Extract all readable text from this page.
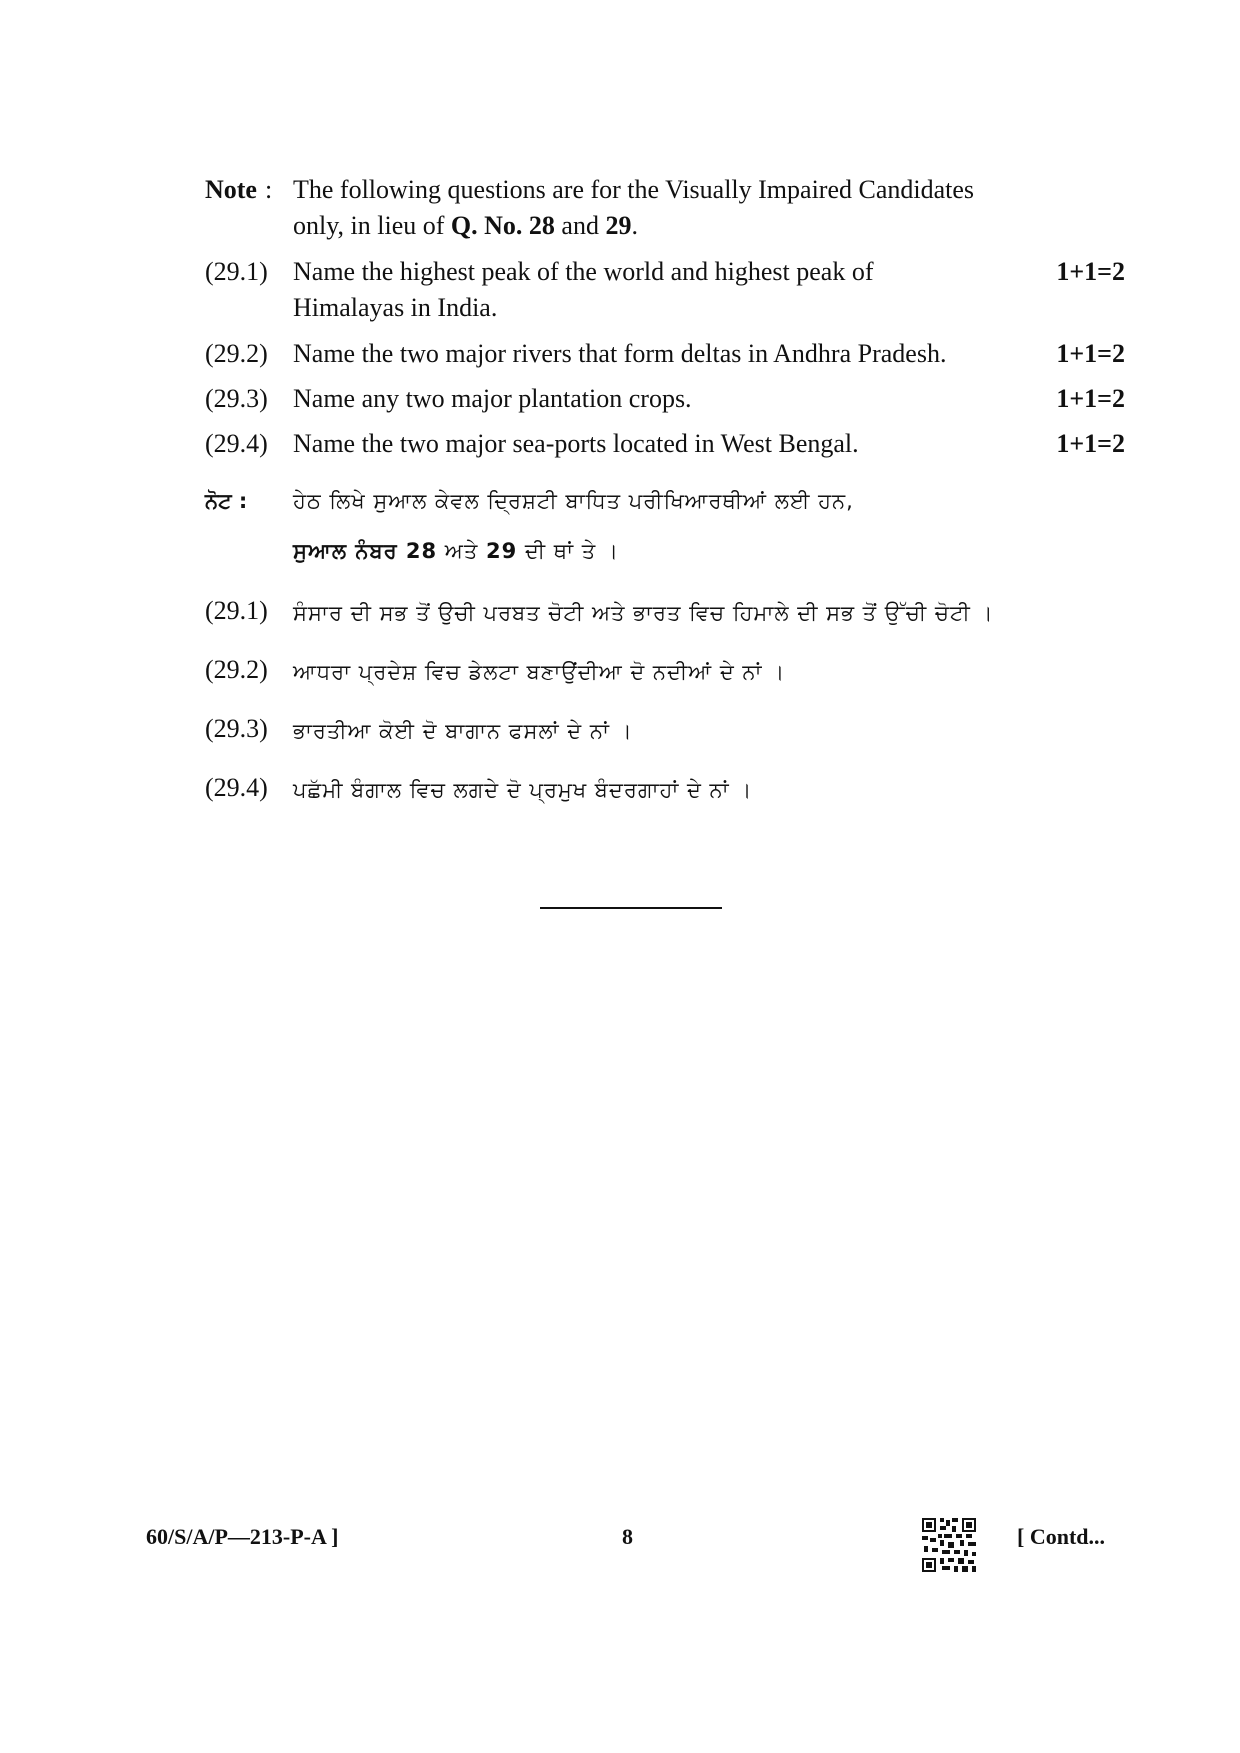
Note : The following questions are for the Visually Impaired Candidates
only, in lieu of Q. No. 28 and 29.
(29.1) Name the highest peak of the world and highest peak of
Himalayas in India.
1+1=2
(29.2) Name the two major rivers that form deltas in Andhra Pradesh.	1+1=2
(29.3) Name any two major plantation crops.	1+1=2
(29.4) Name the two major sea-ports located in West Bengal.	1+1=2
ਨੋਟ : ਹੇਠ ਲਿਖੇ ਸੁਆਲ ਕੇਵਲ ਦ੍ਰਿਸ਼ਟੀ ਬਾਧਿਤ ਪਰੀਖਿਆਰਥੀਆਂ ਲਈ ਹਨ,
ਸੁਆਲ ਨੰਬਰ 28 ਅਤੇ 29 ਦੀ ਥਾਂ ਤੇ ।
(29.1) ਸੰਸਾਰ ਦੀ ਸਭ ਤੋਂ ਉਚੀ ਪਰਬਤ ਚੋਟੀ ਅਤੇ ਭਾਰਤ ਵਿਚ ਹਿਮਾਲੇ ਦੀ ਸਭ ਤੋਂ ਉੱਚੀ ਚੋਟੀ ।
(29.2) ਆਧਰਾ ਪ੍ਰਦੇਸ਼ ਵਿਚ ਡੇਲਟਾ ਬਣਾਉਂਦੀਆ ਦੋ ਨਦੀਆਂ ਦੇ ਨਾਂ ।
(29.3) ਭਾਰਤੀਆ ਕੋਈ ਦੋ ਬਾਗਾਨ ਫਸਲਾਂ ਦੇ ਨਾਂ ।
(29.4) ਪਛੱਮੀ ਬੰਗਾਲ ਵਿਚ ਲਗਦੇ ਦੋ ਪ੍ਰਮੁਖ ਬੰਦਰਗਾਹਾਂ ਦੇ ਨਾਂ ।
60/S/A/P—213-P-A ]	8	[ Contd...
